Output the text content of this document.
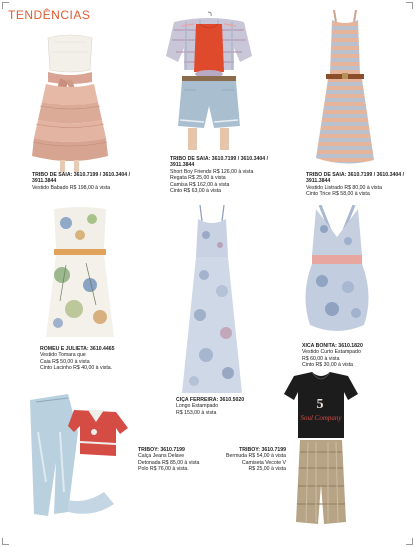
TENDÊNCIAS
TRIBO DE SAIA: 3610.7199 / 3610.3404 / 3911.3844
Vestido Babado R$ 198,00 à vista
TRIBO DE SAIA: 3610.7199 / 3610.3404 / 3911.3844
Short Boy Friends R$ 126,00 à vista
Regata R$ 25,00 à vista
Camisa R$ 162,00 à vista
Cinto R$ 63,00 à vista
TRIBO DE SAIA: 3610.7199 / 3610.3404 / 3911.3844
Vestido Listrado R$ 80,00 à vista
Cinto Trice R$ 58,00 à vista
ROMEU E JULIETA: 3610.4465
Vestido Tomara que
Caia R$ 50,00 à vista
Cinto Lacinho R$ 40,00 à vista.
CIÇA FERREIRA: 3610.5020
Longo Estampado
R$ 153,00 à vista
XICA BONITA: 3610.1820
Vestido Curto Estampado
R$ 60,00 à vista
Cinto R$ 30,00 à vista
TRIBOY: 3610.7199
Calça Jeans Delave
Detonada R$ 85,00 à vista
Polo R$ 76,00 à vista.
5
Soul Company
TRIBOY: 3610.7199
Bermuda R$ 54,00 à vista
Camiseta Vecote V
R$ 25,00 à vista
